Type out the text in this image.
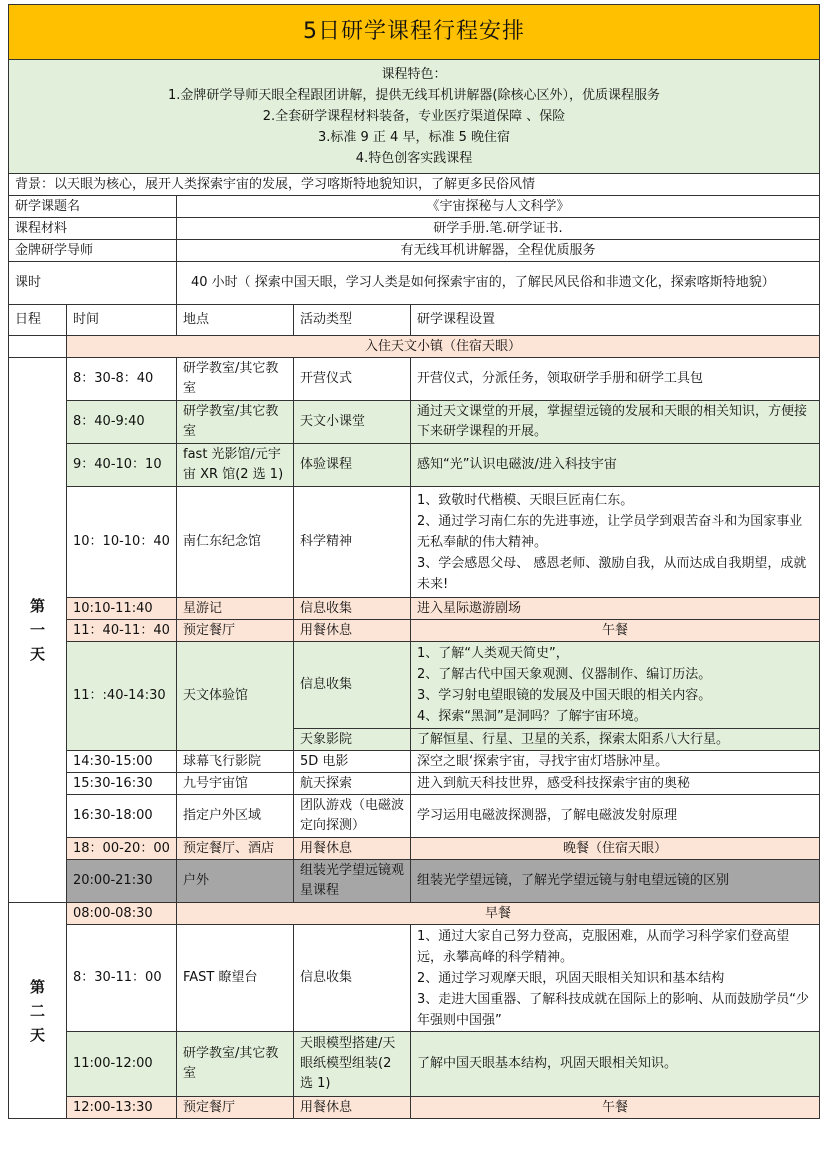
5日研学课程行程安排				

课程特色：
1.金牌研学导师天眼全程跟团讲解，提供无线耳机讲解器(除核心区外），优质课程服务
2.全套研学课程材料装备，专业医疗渠道保障 、保险
3.标准 9 正 4 早，标准 5 晚住宿
4.特色创客实践课程				

背景：以天眼为核心，展开人类探索宇宙的发展，学习喀斯特地貌知识，了解更多民俗风情				
研学课题名		《宇宙探秘与人文科学》		
课程材料		研学手册.笔.研学证书.		
金牌研学导师		有无线耳机讲解器，全程优质服务		
课时		40 小时（ 探索中国天眼，学习人类是如何探索宇宙的，了解民风民俗和非遗文化，探索喀斯特地貌）		
日程	时间	地点	活动类型	研学课程设置
	入住天文小镇（住宿天眼）			

第
一
天	8：30-8：40	研学教室/其它教室	开营仪式	开营仪式，分派任务，领取研学手册和研学工具包
	8：40-9:40	研学教室/其它教室	天文小课堂	通过天文课堂的开展，掌握望远镜的发展和天眼的相关知识，方便接下来研学课程的开展。
	9：40-10：10	fast 光影馆/元宇宙 XR 馆(2 选 1)	体验课程	感知“光”认识电磁波/进入科技宇宙
	10：10-10：40	南仁东纪念馆	科学精神	1、致敬时代楷模、天眼巨匠南仁东。
2、通过学习南仁东的先进事迹，让学员学到艰苦奋斗和为国家事业无私奉献的伟大精神。
3、学会感恩父母、 感恩老师、激励自我，从而达成自我期望，成就未来!

	10:10-11:40	星游记	信息收集	进入星际遨游剧场
	11：40-11：40	预定餐厅	用餐休息	午餐
	11：:40-14:30	天文体验馆	信息收集	1、了解“人类观天简史”，
2、了解古代中国天象观测、仪器制作、编订历法。
3、学习射电望眼镜的发展及中国天眼的相关内容。
4、探索“黑洞”是洞吗？了解宇宙环境。

			天象影院	了解恒星、行星、卫星的关系，探索太阳系八大行星。
	14:30-15:00	球幕飞行影院	5D 电影	深空之眼‘探索宇宙，寻找宇宙灯塔脉冲星。
	15:30-16:30	九号宇宙馆	航天探索	进入到航天科技世界，感受科技探索宇宙的奥秘
	16:30-18:00	指定户外区域	团队游戏（电磁波定向探测）	学习运用电磁波探测器，了解电磁波发射原理
	18：00-20：00	预定餐厅、酒店	用餐休息	晚餐（住宿天眼）
	20:00-21:30	户外	组装光学望远镜观星课程	组装光学望远镜，了解光学望远镜与射电望远镜的区别

第
二
天	08:00-08:30	早餐		
	8：30-11：00	FAST 瞭望台	信息收集	1、通过大家自己努力登高，克服困难，从而学习科学家们登高望远，永攀高峰的科学精神。
2、通过学习观摩天眼，巩固天眼相关知识和基本结构
3、走进大国重器、了解科技成就在国际上的影响、从而鼓励学员“少年强则中国强”

	11:00-12:00	研学教室/其它教室	天眼模型搭建/天眼纸模型组装(2 选 1)	了解中国天眼基本结构，巩固天眼相关知识。
	12:00-13:30	预定餐厅	用餐休息	午餐
